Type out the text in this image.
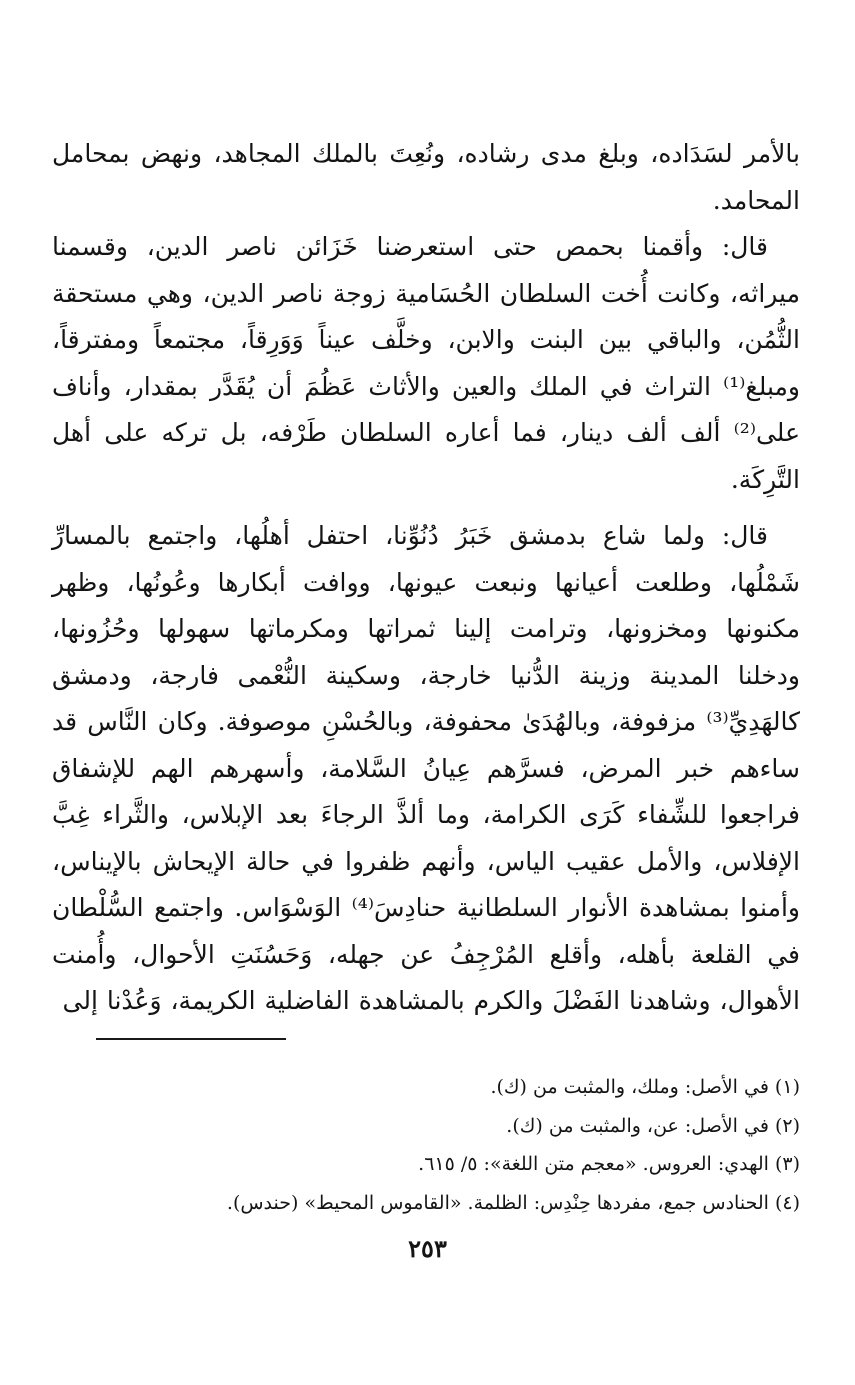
بالأمر لسَدَاده، وبلغ مدى رشاده، ونُعِتَ بالملك المجاهد، ونهض بمحامل المحامد.

قال: وأقمنا بحمص حتى استعرضنا خَزَائن ناصر الدين، وقسمنا ميراثه، وكانت أُخت السلطان الحُسَامية زوجة ناصر الدين، وهي مستحقة الثُّمُن، والباقي بين البنت والابن، وخلَّف عيناً وَوَرِقاً، مجتمعاً ومفترقاً، ومبلغ⁽¹⁾ التراث في الملك والعين والأثاث عَظُمَ أن يُقَدَّر بمقدار، وأناف على⁽²⁾ ألف ألف دينار، فما أعاره السلطان طَرْفه، بل تركه على أهل التَّرِكَة.

قال: ولما شاع بدمشق خَبَرُ دُنُوِّنا، احتفل أهلُها، واجتمع بالمسارِّ شَمْلُها، وطلعت أعيانها ونبعت عيونها، ووافت أبكارها وعُونُها، وظهر مكنونها ومخزونها، وترامت إلينا ثمراتها ومكرماتها سهولها وحُزُونها، ودخلنا المدينة وزينة الدُّنيا خارجة، وسكينة النُّعْمى فارجة، ودمشق كالهَدِيِّ⁽³⁾ مزفوفة، وبالهُدَىٰ محفوفة، وبالحُسْنِ موصوفة. وكان النَّاس قد ساءهم خبر المرض، فسرَّهم عِيانُ السَّلامة، وأسهرهم الهم للإشفاق فراجعوا للشِّفاء كَرَى الكرامة، وما ألذَّ الرجاءَ بعد الإبلاس، والثَّراء غِبَّ الإفلاس، والأمل عقيب الياس، وأنهم ظفروا في حالة الإيحاش بالإيناس، وأمنوا بمشاهدة الأنوار السلطانية حنادِسَ⁽⁴⁾ الوَسْوَاس. واجتمع السُّلْطان في القلعة بأهله، وأقلع المُرْجِفُ عن جهله، وَحَسُنَتِ الأحوال، وأُمنت الأهوال، وشاهدنا الفَضْلَ والكرم بالمشاهدة الفاضلية الكريمة، وَعُدْنا إلى

(١) في الأصل: وملك، والمثبت من (ك).

(٢) في الأصل: عن، والمثبت من (ك).

(٣) الهدي: العروس. «معجم متن اللغة»: ٥/ ٦١٥.

(٤) الحنادس جمع، مفردها حِنْدِس: الظلمة. «القاموس المحيط» (حندس).

٢٥٣
